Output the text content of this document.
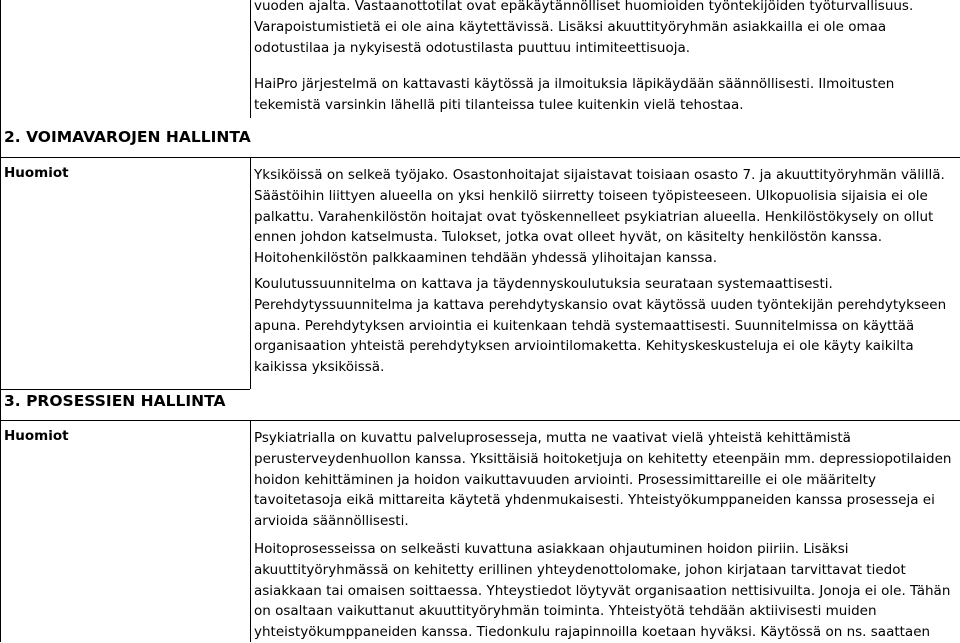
vuoden ajalta. Vastaanottotilat ovat epäkäytännölliset huomioiden työntekijöiden työturvallisuus.
Varapoistumistietä ei ole aina käytettävissä. Lisäksi akuuttityöryhmän asiakkailla ei ole omaa
odotustilaa ja nykyisestä odotustilasta puuttuu intimiteettisuoja.

HaiPro järjestelmä on kattavasti käytössä ja ilmoituksia läpikäydään säännöllisesti. Ilmoitusten
tekemistä varsinkin lähellä piti tilanteissa tulee kuitenkin vielä tehostaa.

2. VOIMAVAROJEN HALLINTA

Huomiot	Yksiköissä on selkeä työjako. Osastonhoitajat sijaistavat toisiaan osasto 7. ja akuuttityöryhmän välillä.
Säästöihin liittyen alueella on yksi henkilö siirretty toiseen työpisteeseen. Ulkopuolisia sijaisia ei ole
palkattu. Varahenkilöstön hoitajat ovat työskennelleet psykiatrian alueella. Henkilöstökysely on ollut
ennen johdon katselmusta. Tulokset, jotka ovat olleet hyvät, on käsitelty henkilöstön kanssa.
Hoitohenkilöstön palkkaaminen tehdään yhdessä ylihoitajan kanssa.

Koulutussuunnitelma on kattava ja täydennyskoulutuksia seurataan systemaattisesti.
Perehdytyssuunnitelma ja kattava perehdytyskansio ovat käytössä uuden työntekijän perehdytykseen
apuna. Perehdytyksen arviointia ei kuitenkaan tehdä systemaattisesti. Suunnitelmissa on käyttää
organisaation yhteistä perehdytyksen arviointilomaketta. Kehityskeskusteluja ei ole käyty kaikilta
kaikissa yksiköissä.

3. PROSESSIEN HALLINTA

Huomiot	Psykiatrialla on kuvattu palveluprosesseja, mutta ne vaativat vielä yhteistä kehittämistä
perusterveydenhuollon kanssa. Yksittäisiä hoitoketjuja on kehitetty eteenpäin mm. depressiopotilaiden
hoidon kehittäminen ja hoidon vaikuttavuuden arviointi. Prosessimittareille ei ole määritelty
tavoitetasoja eikä mittareita käytetä yhdenmukaisesti. Yhteistyökumppaneiden kanssa prosesseja ei
arvioida säännöllisesti.

Hoitoprosesseissa on selkeästi kuvattuna asiakkaan ohjautuminen hoidon piiriin. Lisäksi
akuuttityöryhmässä on kehitetty erillinen yhteydenottolomake, johon kirjataan tarvittavat tiedot
asiakkaan tai omaisen soittaessa. Yhteystiedot löytyvät organisaation nettisivuilta. Jonoja ei ole. Tähän
on osaltaan vaikuttanut akuuttityöryhmän toiminta. Yhteistyötä tehdään aktiivisesti muiden
yhteistyökumppaneiden kanssa. Tiedonkulu rajapinnoilla koetaan hyväksi. Käytössä on ns. saattaen
